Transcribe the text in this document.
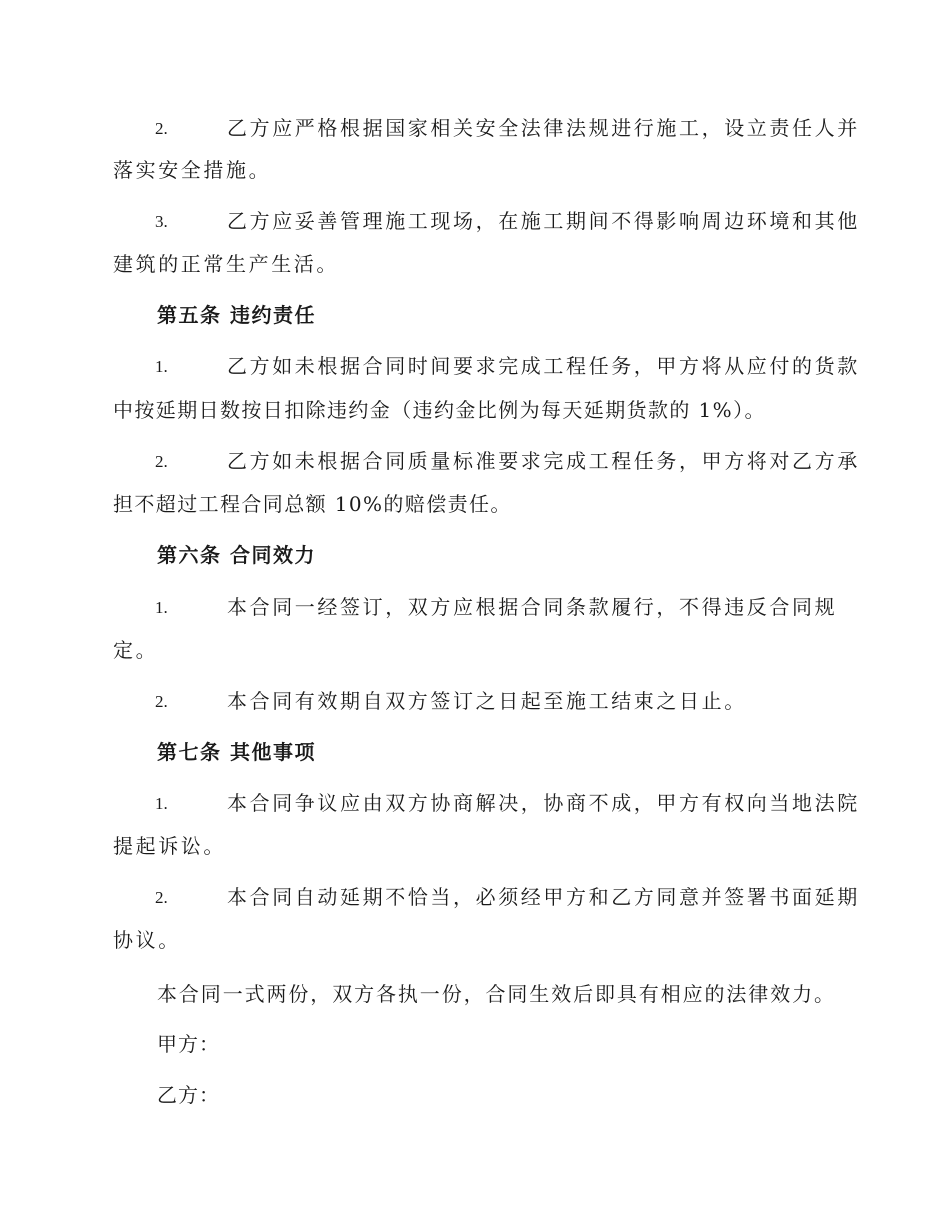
2.	乙方应严格根据国家相关安全法律法规进行施工，设立责任人并
落实安全措施。
3.	乙方应妥善管理施工现场，在施工期间不得影响周边环境和其他
建筑的正常生产生活。
第五条 违约责任
1.	乙方如未根据合同时间要求完成工程任务，甲方将从应付的货款
中按延期日数按日扣除违约金（违约金比例为每天延期货款的 1%）。
2.	乙方如未根据合同质量标准要求完成工程任务，甲方将对乙方承
担不超过工程合同总额 10%的赔偿责任。
第六条 合同效力
1.	本合同一经签订，双方应根据合同条款履行，不得违反合同规
定。
2.	本合同有效期自双方签订之日起至施工结束之日止。
第七条 其他事项
1.	本合同争议应由双方协商解决，协商不成，甲方有权向当地法院
提起诉讼。
2.	本合同自动延期不恰当，必须经甲方和乙方同意并签署书面延期
协议。
本合同一式两份，双方各执一份，合同生效后即具有相应的法律效力。
甲方：
乙方：
